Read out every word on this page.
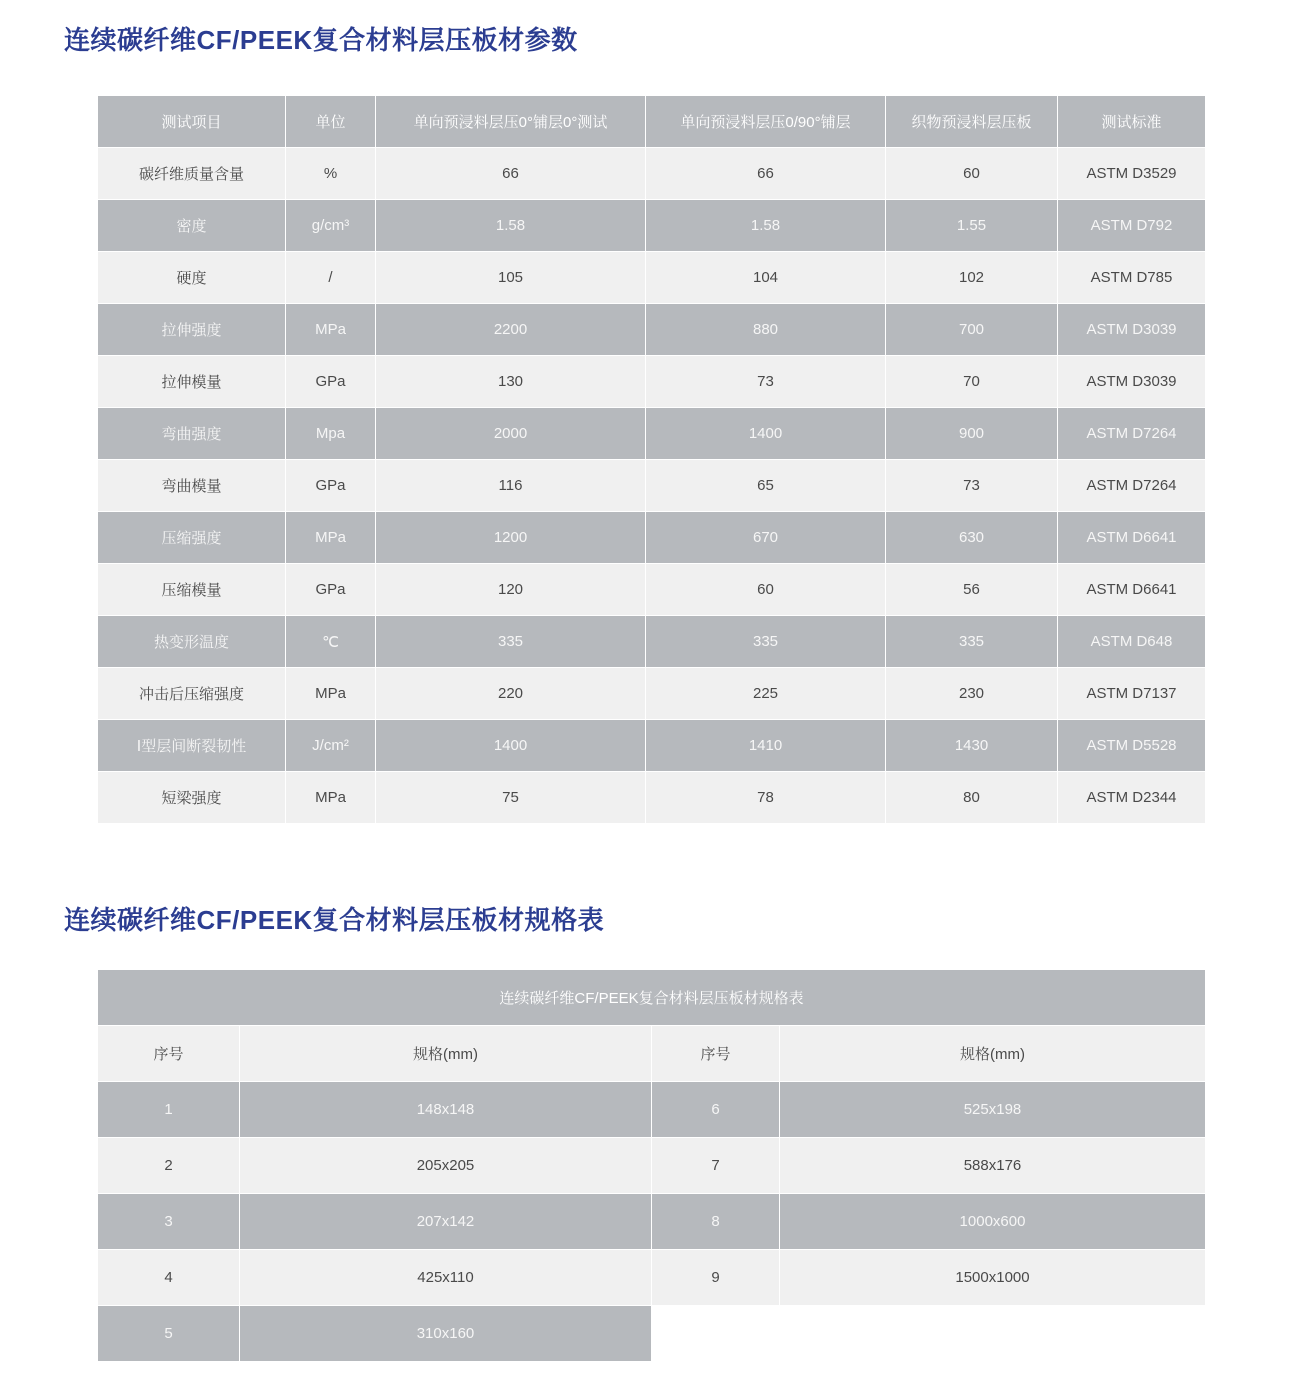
连续碳纤维CF/PEEK复合材料层压板材参数
测试项目	单位	单向预浸料层压0°铺层0°测试	单向预浸料层压0/90°铺层	织物预浸料层压板	测试标准
碳纤维质量含量	%	66	66	60	ASTM D3529
密度	g/cm³	1.58	1.58	1.55	ASTM D792
硬度	/	105	104	102	ASTM D785
拉伸强度	MPa	2200	880	700	ASTM D3039
拉伸模量	GPa	130	73	70	ASTM D3039
弯曲强度	Mpa	2000	1400	900	ASTM D7264
弯曲模量	GPa	116	65	73	ASTM D7264
压缩强度	MPa	1200	670	630	ASTM D6641
压缩模量	GPa	120	60	56	ASTM D6641
热变形温度	℃	335	335	335	ASTM D648
冲击后压缩强度	MPa	220	225	230	ASTM D7137
Ⅰ型层间断裂韧性	J/cm²	1400	1410	1430	ASTM D5528
短梁强度	MPa	75	78	80	ASTM D2344
连续碳纤维CF/PEEK复合材料层压板材规格表
连续碳纤维CF/PEEK复合材料层压板材规格表			
序号	规格(mm)	序号	规格(mm)
1	148x148	6	525x198
2	205x205	7	588x176
3	207x142	8	1000x600
4	425x110	9	1500x1000
5	310x160		
